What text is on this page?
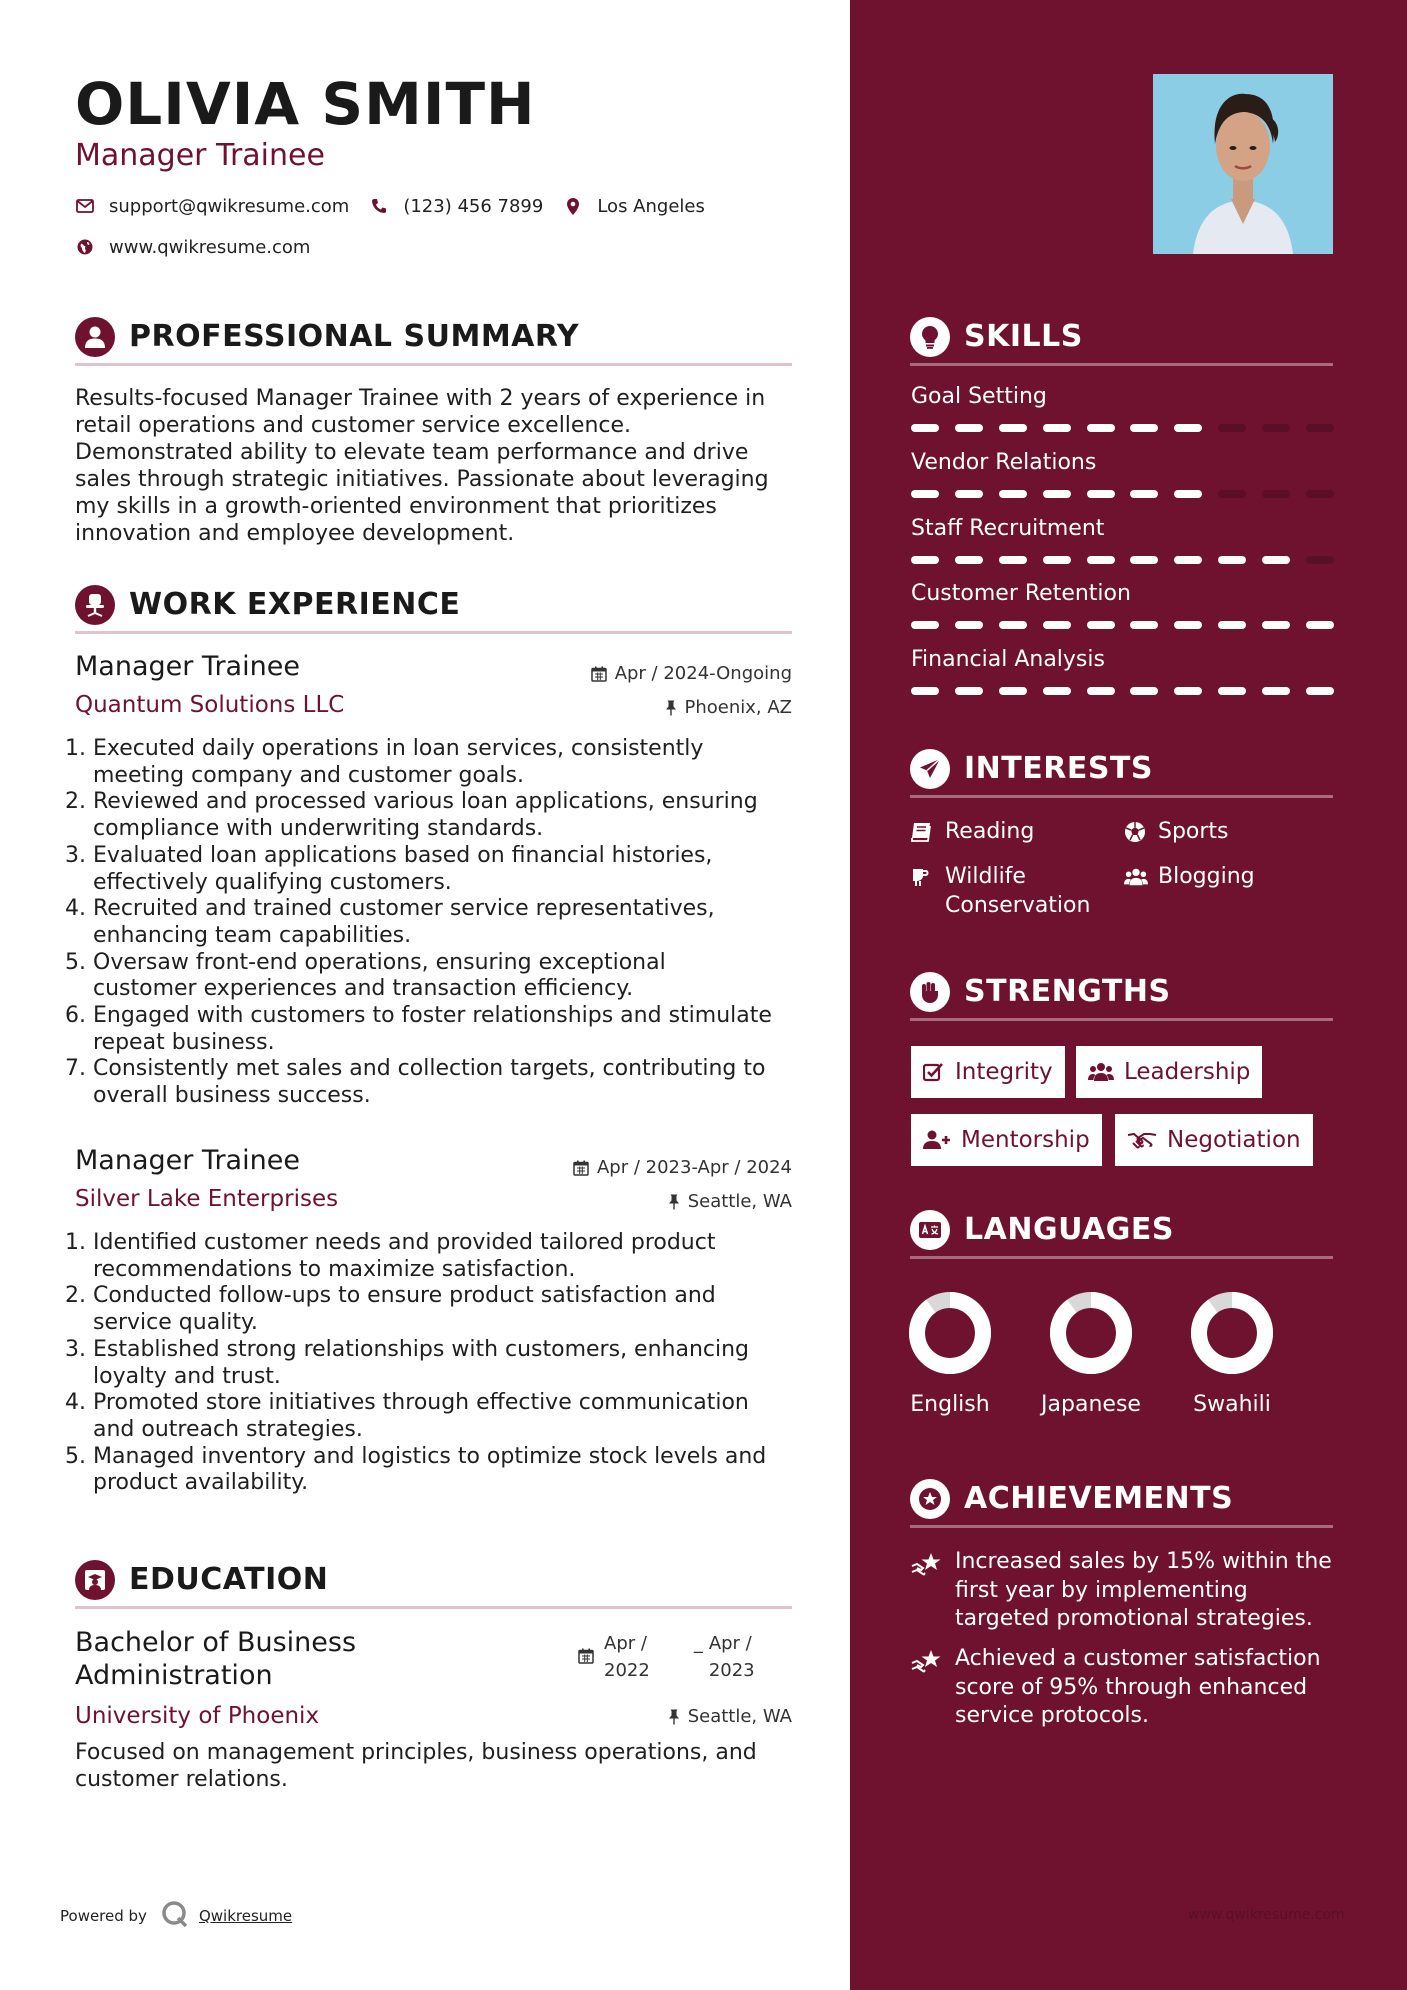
OLIVIA SMITH
Manager Trainee
support@qwikresume.com	(123) 456 7899	Los Angeles
www.qwikresume.com
PROFESSIONAL SUMMARY
Results-focused Manager Trainee with 2 years of experience in
retail operations and customer service excellence.
Demonstrated ability to elevate team performance and drive
sales through strategic initiatives. Passionate about leveraging
my skills in a growth-oriented environment that prioritizes
innovation and employee development.
WORK EXPERIENCE
Manager Trainee
Quantum Solutions LLC
Apr / 2024-Ongoing
Phoenix, AZ
1. Executed daily operations in loan services, consistently
meeting company and customer goals.
2. Reviewed and processed various loan applications, ensuring
compliance with underwriting standards.
3. Evaluated loan applications based on financial histories,
effectively qualifying customers.
4. Recruited and trained customer service representatives,
enhancing team capabilities.
5. Oversaw front-end operations, ensuring exceptional
customer experiences and transaction efficiency.
6. Engaged with customers to foster relationships and stimulate
repeat business.
7. Consistently met sales and collection targets, contributing to
overall business success.
Manager Trainee
Silver Lake Enterprises
Apr / 2023-Apr / 2024
Seattle, WA
1. Identified customer needs and provided tailored product
recommendations to maximize satisfaction.
2. Conducted follow-ups to ensure product satisfaction and
service quality.
3. Established strong relationships with customers, enhancing
loyalty and trust.
4. Promoted store initiatives through effective communication
and outreach strategies.
5. Managed inventory and logistics to optimize stock levels and
product availability.
EDUCATION
Bachelor of Business
Administration
Apr /
2022
_ Apr /
2023
University of Phoenix	Seattle, WA
Focused on management principles, business operations, and
customer relations.
Powered by	Qwikresume
SKILLS
Goal Setting
Vendor Relations
Staff Recruitment
Customer Retention
Financial Analysis
INTERESTS
Reading	Sports
Wildlife
Conservation
Blogging
STRENGTHS
Integrity	Leadership
Mentorship	Negotiation
LANGUAGES
English	Japanese	Swahili
ACHIEVEMENTS
Increased sales by 15% within the
first year by implementing
targeted promotional strategies.
Achieved a customer satisfaction
score of 95% through enhanced
service protocols.
www.qwikresume.com
